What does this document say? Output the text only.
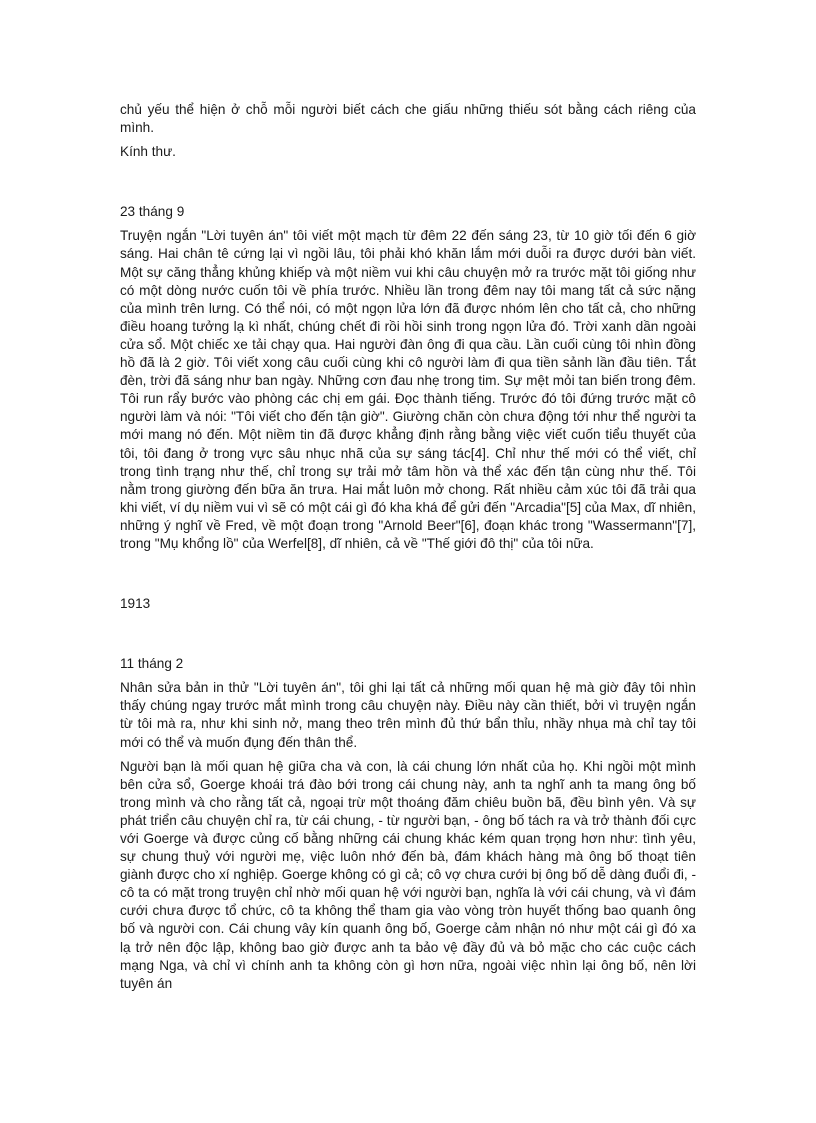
chủ yếu thể hiện ở chỗ mỗi người biết cách che giấu những thiếu sót bằng cách riêng của mình.

Kính thư.

23 tháng 9

Truyện ngắn "Lời tuyên án" tôi viết một mạch từ đêm 22 đến sáng 23, từ 10 giờ tối đến 6 giờ sáng. Hai chân tê cứng lại vì ngồi lâu, tôi phải khó khăn lắm mới duỗi ra được dưới bàn viết. Một sự căng thẳng khủng khiếp và một niềm vui khi câu chuyện mở ra trước mặt tôi giống như có một dòng nước cuốn tôi về phía trước. Nhiều lần trong đêm nay tôi mang tất cả sức nặng của mình trên lưng. Có thể nói, có một ngọn lửa lớn đã được nhóm lên cho tất cả, cho những điều hoang tưởng lạ kì nhất, chúng chết đi rồi hồi sinh trong ngọn lửa đó. Trời xanh dần ngoài cửa sổ. Một chiếc xe tải chạy qua. Hai người đàn ông đi qua cầu. Lần cuối cùng tôi nhìn đồng hồ đã là 2 giờ. Tôi viết xong câu cuối cùng khi cô người làm đi qua tiền sảnh lần đầu tiên. Tắt đèn, trời đã sáng như ban ngày. Những cơn đau nhẹ trong tim. Sự mệt mỏi tan biến trong đêm. Tôi run rẩy bước vào phòng các chị em gái. Đọc thành tiếng. Trước đó tôi đứng trước mặt cô người làm và nói: "Tôi viết cho đến tận giờ". Giường chăn còn chưa động tới như thể người ta mới mang nó đến. Một niềm tin đã được khẳng định rằng bằng việc viết cuốn tiểu thuyết của tôi, tôi đang ở trong vực sâu nhục nhã của sự sáng tác[4]. Chỉ như thế mới có thể viết, chỉ trong tình trạng như thế, chỉ trong sự trải mở tâm hồn và thể xác đến tận cùng như thế. Tôi nằm trong giường đến bữa ăn trưa. Hai mắt luôn mở chong. Rất nhiều cảm xúc tôi đã trải qua khi viết, ví dụ niềm vui vì sẽ có một cái gì đó kha khá để gửi đến "Arcadia"[5] của Max, dĩ nhiên, những ý nghĩ về Fred, về một đoạn trong "Arnold Beer"[6], đoạn khác trong "Wassermann"[7], trong "Mụ khổng lồ" của Werfel[8], dĩ nhiên, cả về "Thế giới đô thị" của tôi nữa.

1913

11 tháng 2

Nhân sửa bản in thử "Lời tuyên án", tôi ghi lại tất cả những mối quan hệ mà giờ đây tôi nhìn thấy chúng ngay trước mắt mình trong câu chuyện này. Điều này cần thiết, bởi vì truyện ngắn từ tôi mà ra, như khi sinh nở, mang theo trên mình đủ thứ bẩn thỉu, nhầy nhụa mà chỉ tay tôi mới có thể và muốn đụng đến thân thể.

Người bạn là mối quan hệ giữa cha và con, là cái chung lớn nhất của họ. Khi ngồi một mình bên cửa sổ, Goerge khoái trá đào bới trong cái chung này, anh ta nghĩ anh ta mang ông bố trong mình và cho rằng tất cả, ngoại trừ một thoáng đăm chiêu buồn bã, đều bình yên. Và sự phát triển câu chuyện chỉ ra, từ cái chung, - từ người bạn, - ông bố tách ra và trở thành đối cực với Goerge và được củng cố bằng những cái chung khác kém quan trọng hơn như: tình yêu, sự chung thuỷ với người mẹ, việc luôn nhớ đến bà, đám khách hàng mà ông bố thoạt tiên giành được cho xí nghiệp. Goerge không có gì cả; cô vợ chưa cưới bị ông bố dễ dàng đuổi đi, - cô ta có mặt trong truyện chỉ nhờ mối quan hệ với người bạn, nghĩa là với cái chung, và vì đám cưới chưa được tổ chức, cô ta không thể tham gia vào vòng tròn huyết thống bao quanh ông bố và người con. Cái chung vây kín quanh ông bố, Goerge cảm nhận nó như một cái gì đó xa lạ trở nên độc lập, không bao giờ được anh ta bảo vệ đầy đủ và bỏ mặc cho các cuộc cách mạng Nga, và chỉ vì chính anh ta không còn gì hơn nữa, ngoài việc nhìn lại ông bố, nên lời tuyên án
